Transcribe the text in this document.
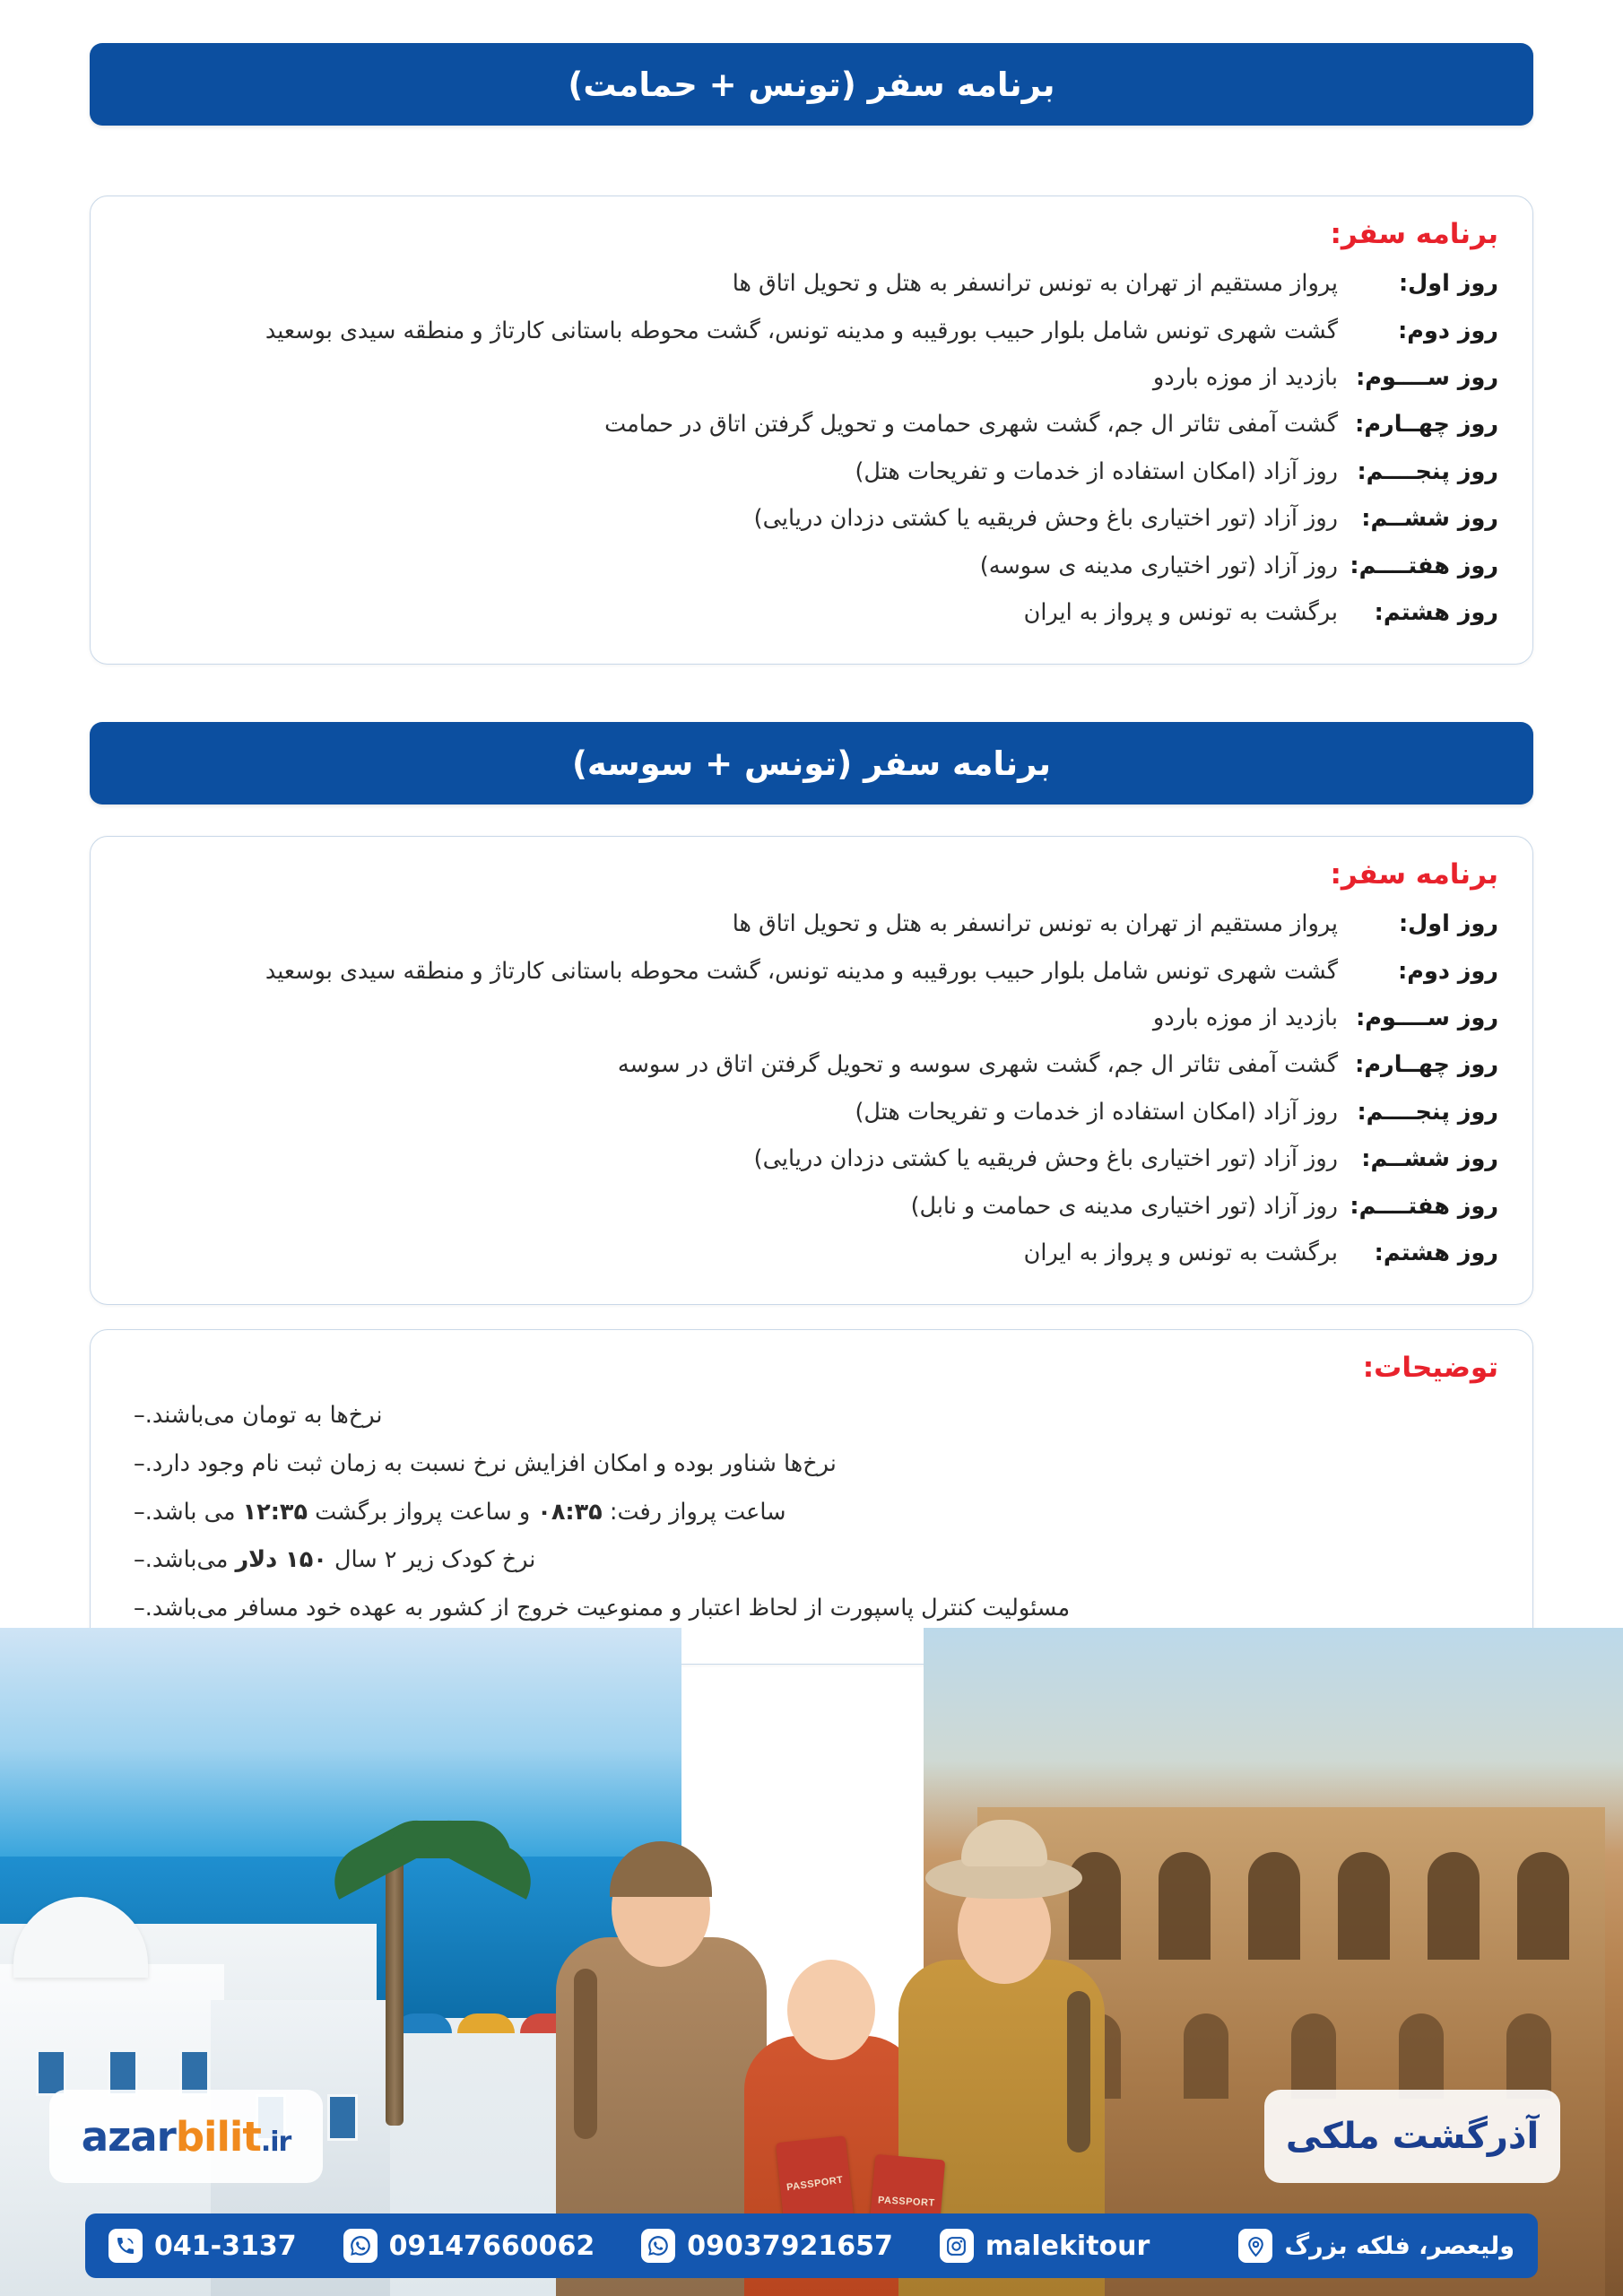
برنامه سفر (تونس + حمامت)
برنامه سفر:
روز اول:
پرواز مستقیم از تهران به تونس ترانسفر به هتل و تحویل اتاق ها
روز دوم:
گشت شهری تونس شامل بلوار حبیب بورقیبه و مدینه تونس، گشت محوطه باستانی کارتاژ و منطقه سیدی بوسعید
روز ســــوم:
بازدید از موزه باردو
روز چهــارم:
گشت آمفی تئاتر ال جم، گشت شهری حمامت و تحویل گرفتن اتاق در حمامت
روز پنجــــم:
روز آزاد (امکان استفاده از خدمات و تفریحات هتل)
روز ششــم:
روز آزاد (تور اختیاری باغ وحش فریقیه یا کشتی دزدان دریایی)
روز هفتــــم:
روز آزاد (تور اختیاری مدینه ی سوسه)
روز هشتم:
برگشت به تونس و پرواز به ایران
برنامه سفر (تونس + سوسه)
برنامه سفر:
روز اول:
پرواز مستقیم از تهران به تونس ترانسفر به هتل و تحویل اتاق ها
روز دوم:
گشت شهری تونس شامل بلوار حبیب بورقیبه و مدینه تونس، گشت محوطه باستانی کارتاژ و منطقه سیدی بوسعید
روز ســــوم:
بازدید از موزه باردو
روز چهــارم:
گشت آمفی تئاتر ال جم، گشت شهری سوسه و تحویل گرفتن اتاق در سوسه
روز پنجــــم:
روز آزاد (امکان استفاده از خدمات و تفریحات هتل)
روز ششــم:
روز آزاد (تور اختیاری باغ وحش فریقیه یا کشتی دزدان دریایی)
روز هفتــــم:
روز آزاد (تور اختیاری مدینه ی حمامت و نابل)
روز هشتم:
برگشت به تونس و پرواز به ایران
توضیحات:
– نرخ‌ها به تومان می‌باشند.
– نرخ‌ها شناور بوده و امکان افزایش نرخ نسبت به زمان ثبت نام وجود دارد.
–	ساعت پرواز رفت: ۰۸:۳۵ و ساعت پرواز برگشت ۱۲:۳۵ می باشد.
–	نرخ کودک زیر ۲ سال ۱۵۰ دلار می‌باشد.
– مسئولیت کنترل پاسپورت از لحاظ اعتبار و ممنوعیت خروج از کشور به عهده خود مسافر می‌باشد.
PASSPORT
PASSPORT
azarbilit.ir	آذرگشت ملکی
041-3137	09147660062	09037921657	malekitour	ولیعصر، فلکه بزرگ
